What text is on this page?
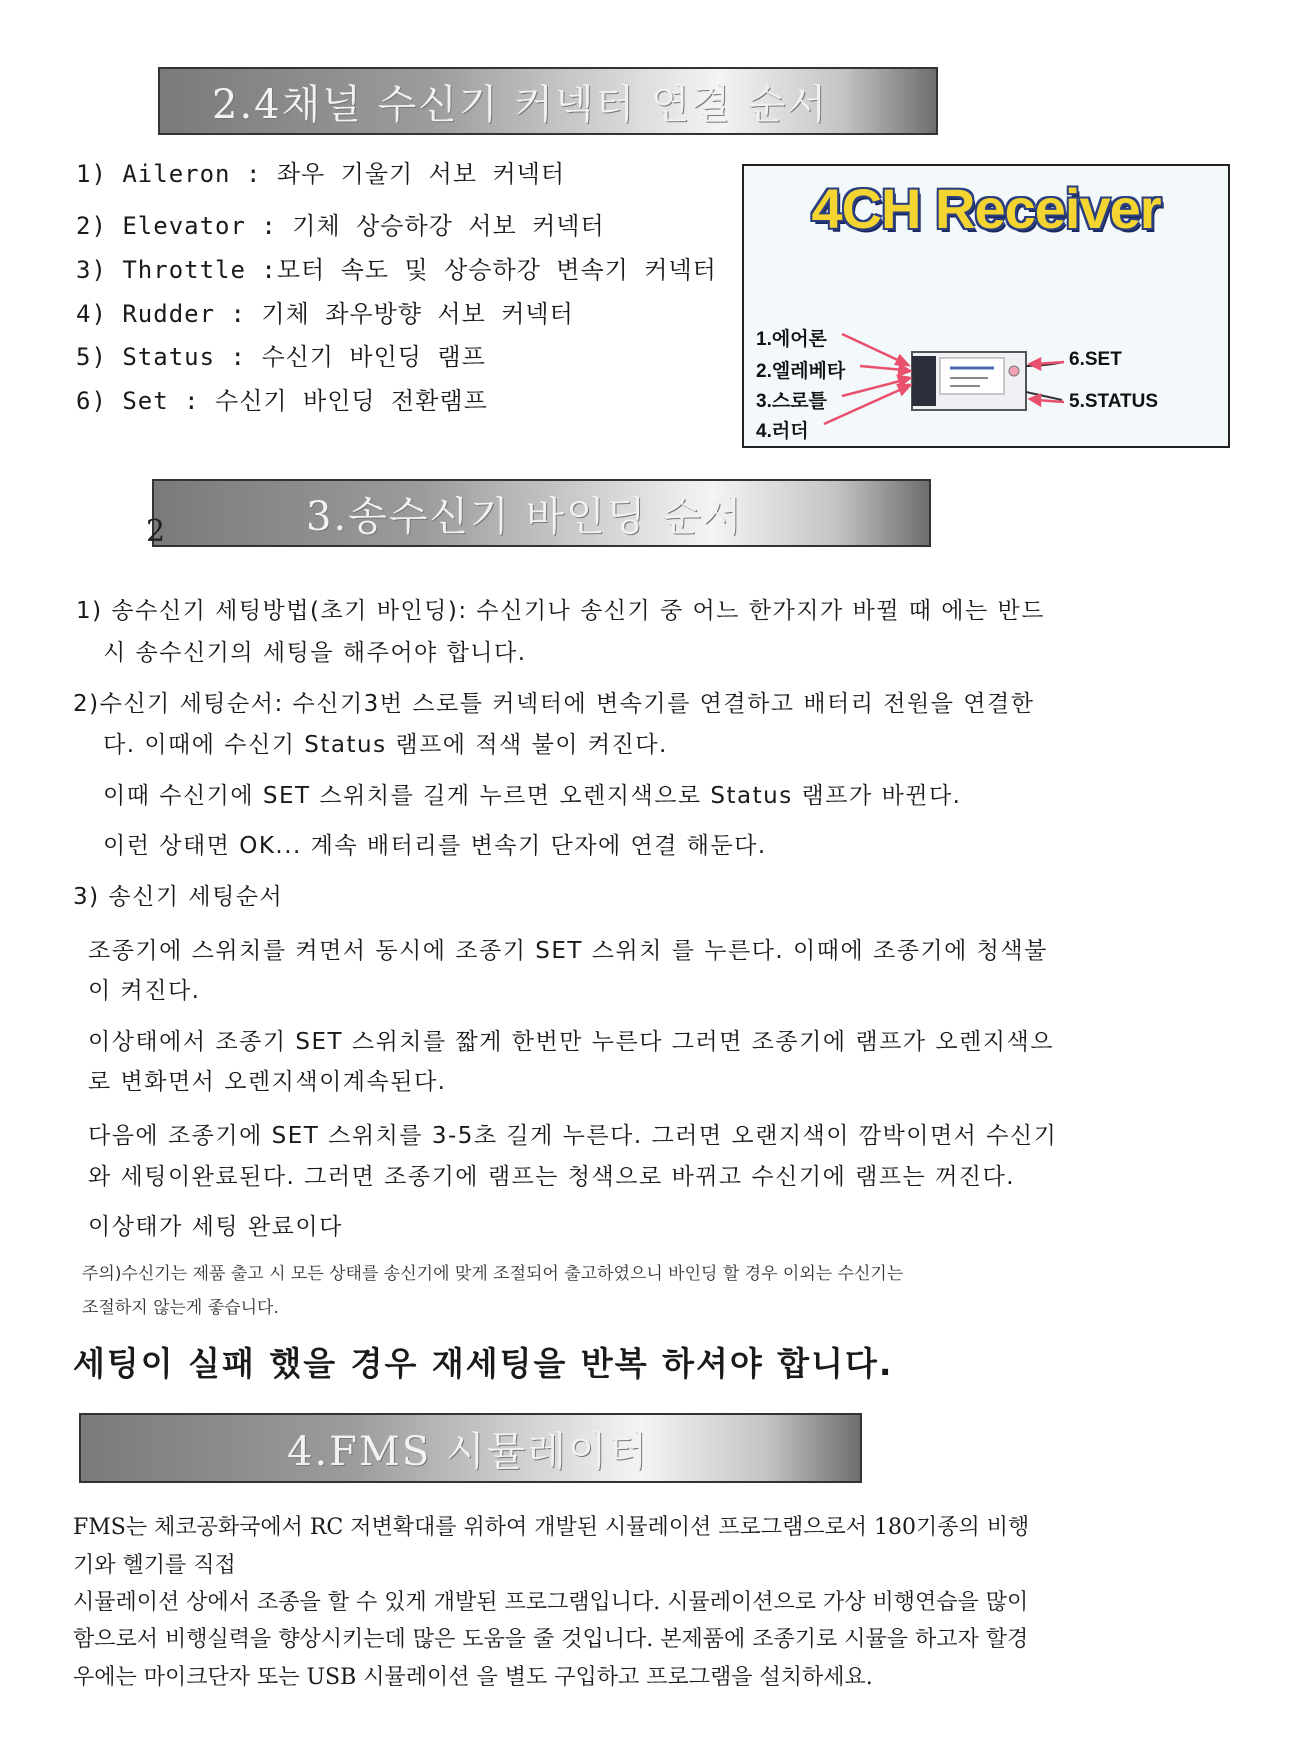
2.4채널 수신기 커넥터 연결 순서
1) Aileron : 좌우 기울기 서보 커넥터
2) Elevator : 기체 상승하강 서보 커넥터
3) Throttle :모터 속도 및 상승하강 변속기 커넥터
4) Rudder : 기체 좌우방향 서보 커넥터
5) Status : 수신기 바인딩 램프
6) Set : 수신기 바인딩 전환램프
4CH Receiver
1.에어론
2.엘레베타
3.스로틀
4.러더
6.SET
5.STATUS
3.송수신기 바인딩 순서
2
1) 송수신기 세팅방법(초기 바인딩): 수신기나 송신기 중 어느 한가지가 바뀔 때 에는 반드
시 송수신기의 세팅을 해주어야 합니다.
2)수신기 세팅순서: 수신기3번 스로틀 커넥터에 변속기를 연결하고 배터리 전원을 연결한
다. 이때에 수신기 Status 램프에 적색 불이 켜진다.
이때 수신기에 SET 스위치를 길게 누르면 오렌지색으로 Status 램프가 바뀐다.
이런 상태면 OK... 계속 배터리를 변속기 단자에 연결 해둔다.
3) 송신기 세팅순서
조종기에 스위치를 켜면서 동시에 조종기 SET 스위치 를 누른다. 이때에 조종기에 청색불
이 켜진다.
이상태에서 조종기 SET 스위치를 짧게 한번만 누른다 그러면 조종기에 램프가 오렌지색으
로 변화면서 오렌지색이계속된다.
다음에 조종기에 SET 스위치를 3-5초 길게 누른다. 그러면 오랜지색이 깜박이면서 수신기
와 세팅이완료된다. 그러면 조종기에 램프는 청색으로 바뀌고 수신기에 램프는 꺼진다.
이상태가 세팅 완료이다
주의)수신기는 제품 출고 시 모든 상태를 송신기에 맞게 조절되어 출고하였으니 바인딩 할 경우 이외는 수신기는
조절하지 않는게 좋습니다.
세팅이 실패 했을 경우 재세팅을 반복 하셔야 합니다.
4.FMS 시뮬레이터
FMS는 체코공화국에서 RC 저변확대를 위하여 개발된 시뮬레이션 프로그램으로서 180기종의 비행
기와 헬기를 직접
시뮬레이션 상에서 조종을 할 수 있게 개발된 프로그램입니다. 시뮬레이션으로 가상 비행연습을 많이
함으로서 비행실력을 향상시키는데 많은 도움을 줄 것입니다. 본제품에 조종기로 시뮬을 하고자 할경
우에는 마이크단자 또는 USB 시뮬레이션 을 별도 구입하고 프로그램을 설치하세요.
